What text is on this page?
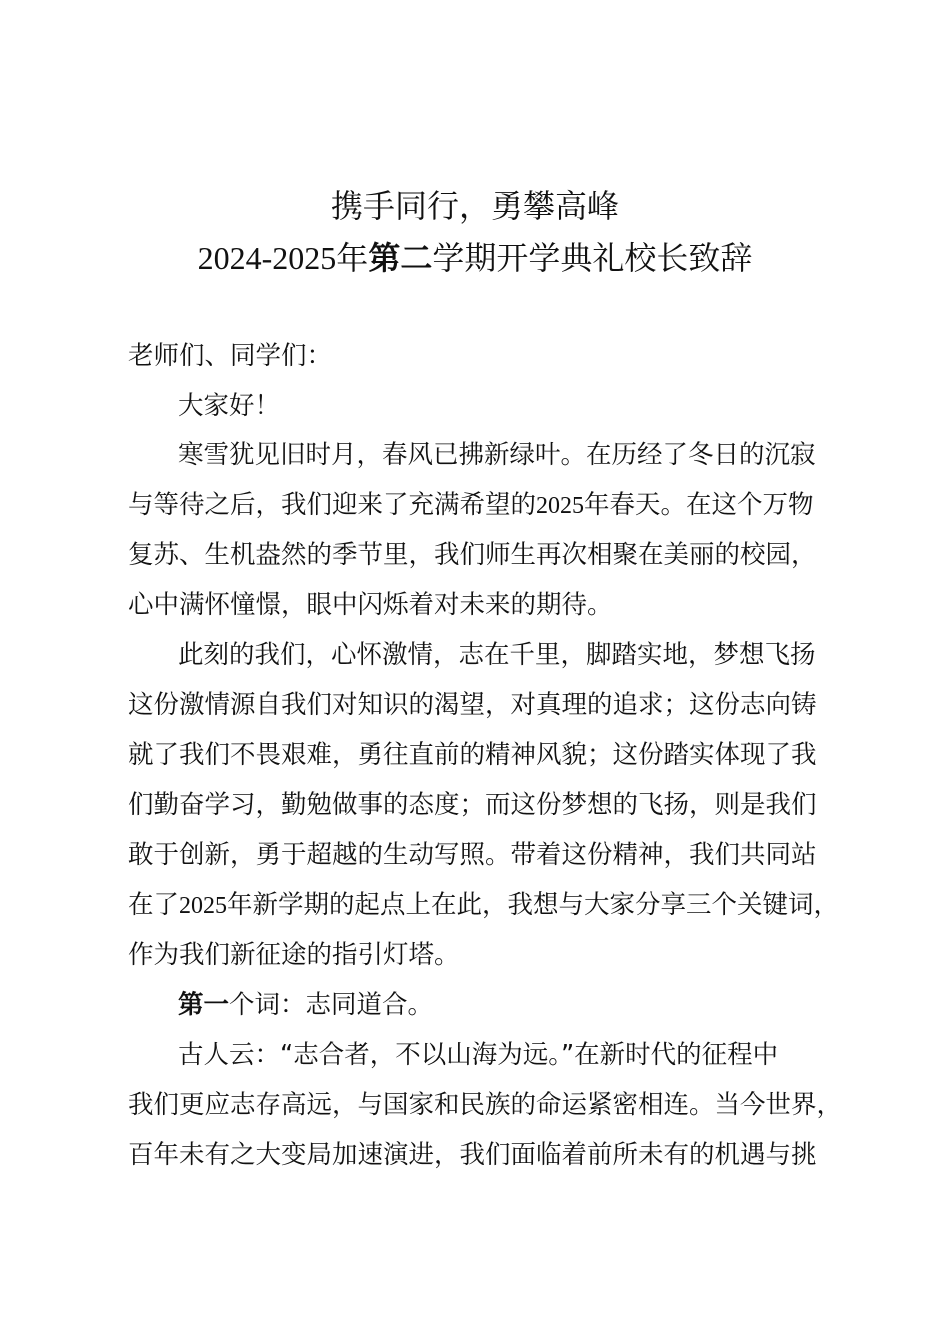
携手同行，勇攀高峰
2024-2025年第二学期开学典礼校长致辞
老师们、同学们：
大家好！
寒雪犹见旧时月，春风已拂新绿叶。在历经了冬日的沉寂
与等待之后，我们迎来了充满希望的2025年春天。在这个万物
复苏、生机盎然的季节里，我们师生再次相聚在美丽的校园，
心中满怀憧憬，眼中闪烁着对未来的期待。
此刻的我们，心怀激情，志在千里，脚踏实地，梦想飞扬
这份激情源自我们对知识的渴望，对真理的追求；这份志向铸
就了我们不畏艰难，勇往直前的精神风貌；这份踏实体现了我
们勤奋学习，勤勉做事的态度；而这份梦想的飞扬，则是我们
敢于创新，勇于超越的生动写照。带着这份精神，我们共同站
在了2025年新学期的起点上在此，我想与大家分享三个关键词，
作为我们新征途的指引灯塔。
第一个词：志同道合。
古人云：“志合者，不以山海为远。”在新时代的征程中
我们更应志存高远，与国家和民族的命运紧密相连。当今世界，
百年未有之大变局加速演进，我们面临着前所未有的机遇与挑
